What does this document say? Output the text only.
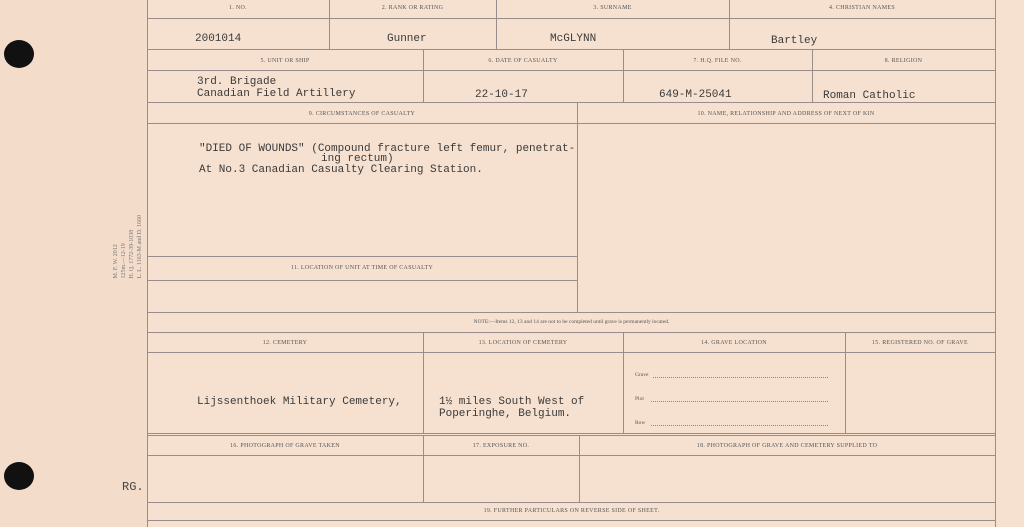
M. F. W. 2012 125m.—12-19 H. Q. 1772-39-1038 L. L. 1163-M and D. 1660
RG.
1. NO.	2. RANK OR RATING	3. SURNAME	4. CHRISTIAN NAMES
2001014	Gunner	McGLYNN	Bartley
5. UNIT OR SHIP	6. DATE OF CASUALTY	7. H.Q. FILE NO.	8. RELIGION
3rd. Brigade
Canadian Field Artillery	22-10-17	649-M-25041	Roman Catholic
9. CIRCUMSTANCES OF CASUALTY	10. NAME, RELATIONSHIP AND ADDRESS OF NEXT OF KIN
"DIED OF WOUNDS" (Compound fracture left femur, penetrat-
ing rectum)
At No.3 Canadian Casualty Clearing Station.
11. LOCATION OF UNIT AT TIME OF CASUALTY
NOTE:—Items 12, 13 and 14 are not to be completed until grave is permanently located.
12. CEMETERY	13. LOCATION OF CEMETERY	14. GRAVE LOCATION	15. REGISTERED NO. OF GRAVE
Lijssenthoek Military Cemetery,	1½ miles South West of
Poperinghe, Belgium.
Grave
Plot
Row
16. PHOTOGRAPH OF GRAVE TAKEN	17. EXPOSURE NO.	18. PHOTOGRAPH OF GRAVE AND CEMETERY SUPPLIED TO
19. FURTHER PARTICULARS ON REVERSE SIDE OF SHEET.
